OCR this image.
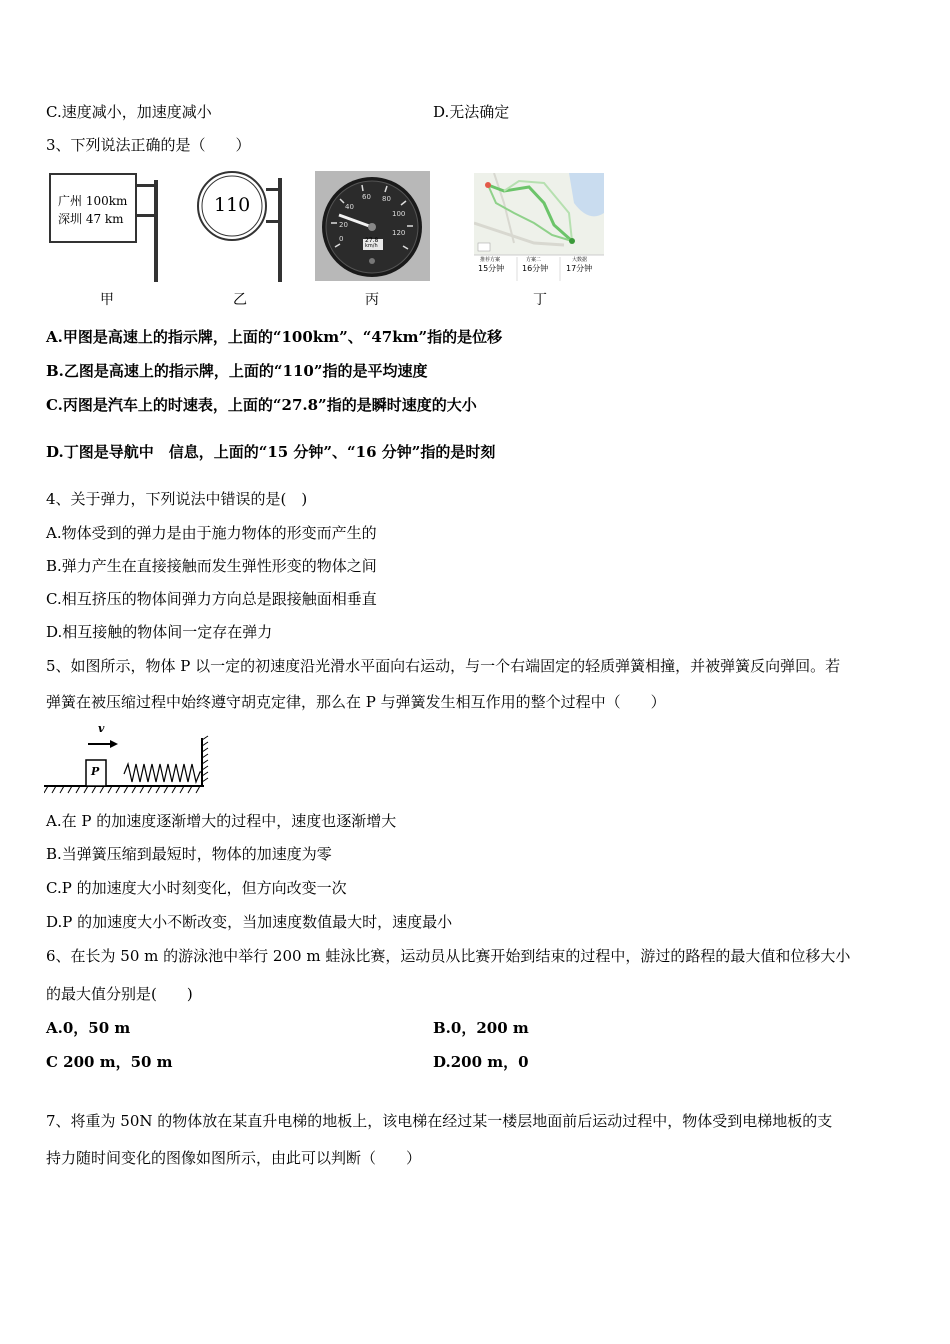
C.速度减小，加速度减小	D.无法确定
3、下列说法正确的是（　　）
广州 100km
深圳 47 km
甲
110
乙
0
20
40
60 80
100
120
27.8
km/h
丙
推荐方案
15分钟
方案二
16分钟
大数据
17分钟
丁
A.甲图是高速上的指示牌，上面的“100km”、“47km”指的是位移
B.乙图是高速上的指示牌，上面的“110”指的是平均速度
C.丙图是汽车上的时速表，上面的“27.8”指的是瞬时速度的大小
D.丁图是导航中　信息，上面的“15 分钟”、“16 分钟”指的是时刻
4、关于弹力，下列说法中错误的是(　)
A.物体受到的弹力是由于施力物体的形变而产生的
B.弹力产生在直接接触而发生弹性形变的物体之间
C.相互挤压的物体间弹力方向总是跟接触面相垂直
D.相互接触的物体间一定存在弹力
5、如图所示，物体 P 以一定的初速度沿光滑水平面向右运动，与一个右端固定的轻质弹簧相撞，并被弹簧反向弹回。若
弹簧在被压缩过程中始终遵守胡克定律，那么在 P 与弹簧发生相互作用的整个过程中（　　）
v
P
A.在 P 的加速度逐渐增大的过程中，速度也逐渐增大
B.当弹簧压缩到最短时，物体的加速度为零
C.P 的加速度大小时刻变化，但方向改变一次
D.P 的加速度大小不断改变，当加速度数值最大时，速度最小
6、在长为 50 m 的游泳池中举行 200 m 蛙泳比赛，运动员从比赛开始到结束的过程中，游过的路程的最大值和位移大小
的最大值分别是(　　)
A.0，50 m	B.0，200 m
C 200 m，50 m	D.200 m，0
7、将重为 50N 的物体放在某直升电梯的地板上，该电梯在经过某一楼层地面前后运动过程中，物体受到电梯地板的支
持力随时间变化的图像如图所示，由此可以判断（　　）
